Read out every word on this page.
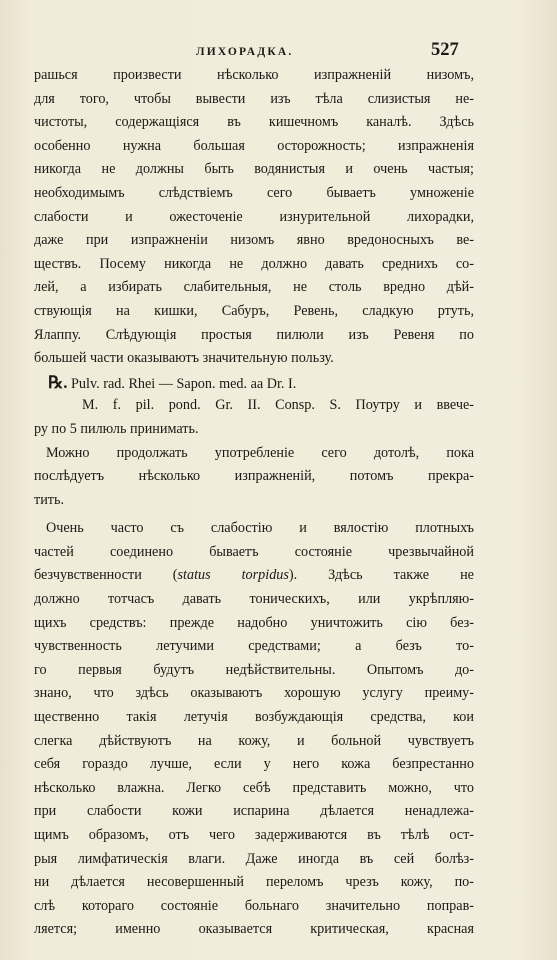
ЛИХОРАДКА.	527
рашься произвести нѣсколько изпражненій низомъ,
для того, чтобы вывести изъ тѣла слизистыя не-
чистоты, содержащіяся въ кишечномъ каналѣ. Здѣсь
особенно нужна большая осторожность; изпражненія
никогда не должны быть водянистыя и очень частыя;
необходимымъ слѣдствіемъ сего бываетъ умноженіе
слабости и ожесточеніе изнурительной лихорадки,
даже при изпражненіи низомъ явно вредоносныхъ ве-
ществъ. Посему никогда не должно давать среднихъ со-
лей, а избирать слабительныя, не столь вредно дѣй-
ствующія на кишки, Сабуръ, Ревень, сладкую ртуть,
Ялаппу. Слѣдующія простыя пилюли изъ Ревеня по
большей части оказываютъ значительную пользу.
℞. Pulv. rad. Rhei — Sapon. med. aa Dr. I.
M. f. pil. pond. Gr. II. Consp. S. Поутру и ввече-
ру по 5 пилюль принимать.
Можно продолжать употребленіе сего дотолѣ, пока
послѣдуетъ нѣсколько изпражненій, потомъ прекра-
тить.
Очень часто съ слабостію и вялостію плотныхъ
частей соединено бываетъ состояніе чрезвычайной
безчувственности (status torpidus). Здѣсь также не
должно тотчасъ давать тоническихъ, или укрѣпляю-
щихъ средствъ: прежде надобно уничтожить сію без-
чувственность летучими средствами; а безъ то-
го первыя будутъ недѣйствительны. Опытомъ до-
знано, что здѣсь оказываютъ хорошую услугу преиму-
щественно такія летучія возбуждающія средства, кои
слегка дѣйствуютъ на кожу, и больной чувствуетъ
себя гораздо лучше, если у него кожа безпрестанно
нѣсколько влажна. Легко себѣ представить можно, что
при слабости кожи испарина дѣлается ненадлежа-
щимъ образомъ, отъ чего задерживаются въ тѣлѣ ост-
рыя лимфатическія влаги. Даже иногда въ сей болѣз-
ни дѣлается несовершенный переломъ чрезъ кожу, по-
слѣ котораго состояніе больнаго значительно поправ-
ляется; именно оказывается критическая, красная
